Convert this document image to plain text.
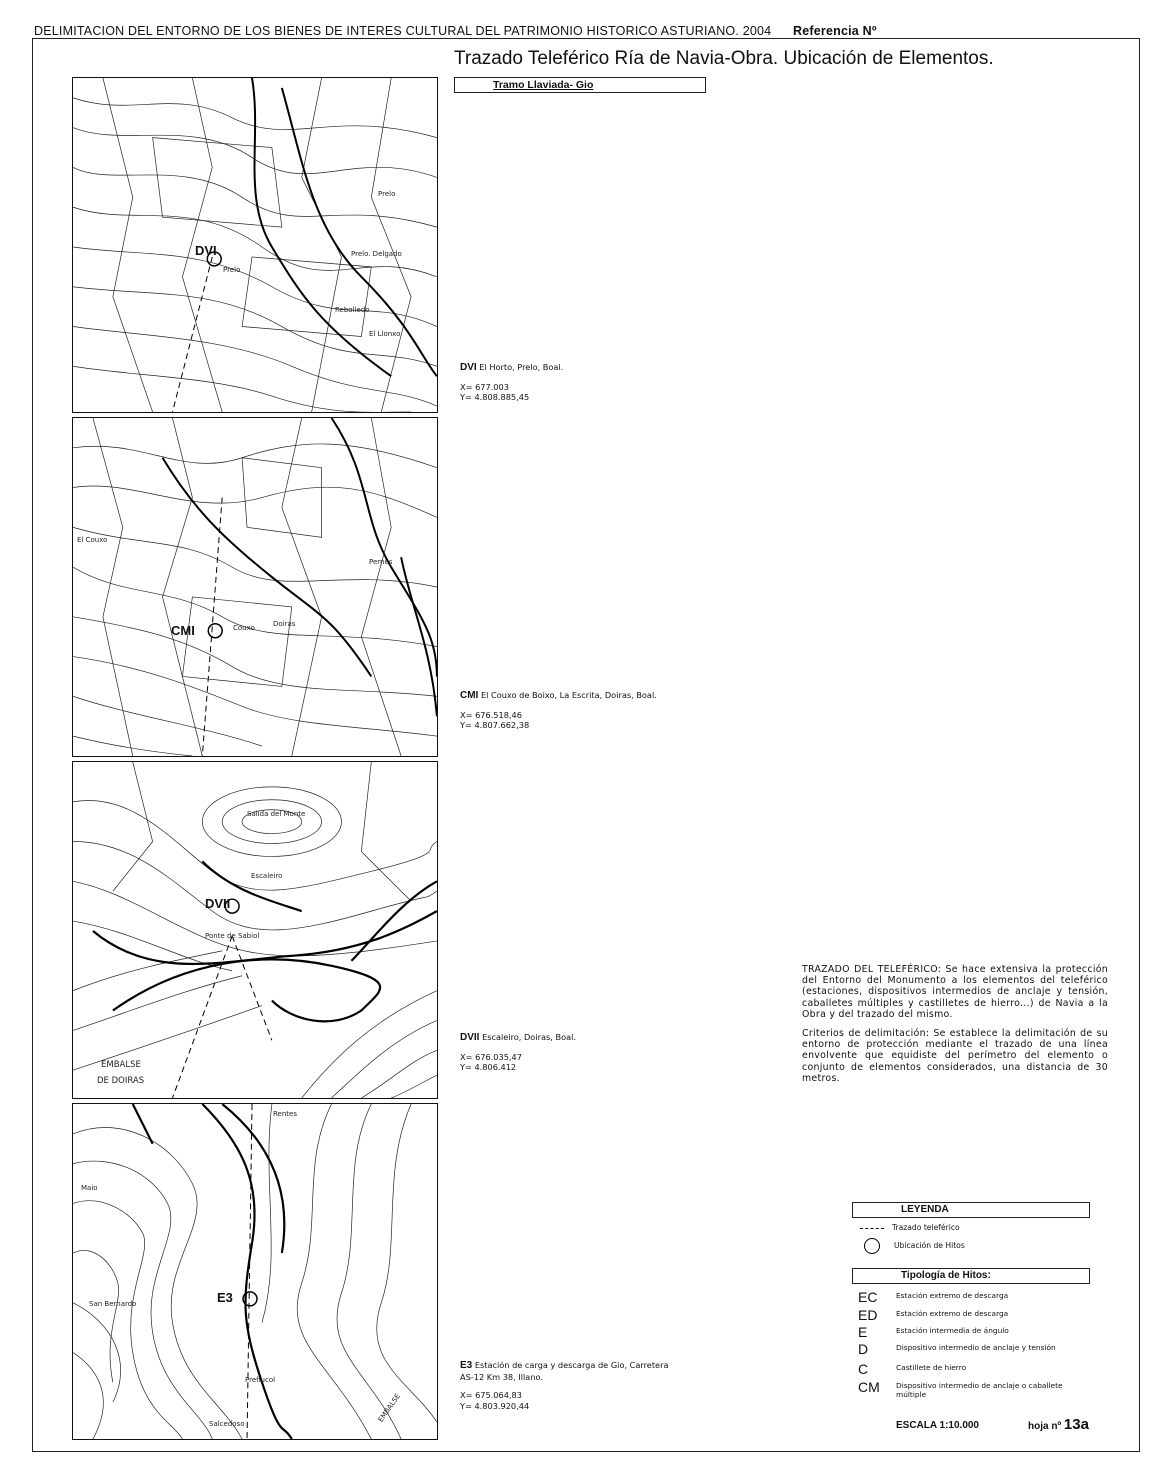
DELIMITACION DEL ENTORNO DE LOS BIENES DE INTERES CULTURAL DEL PATRIMONIO HISTORICO ASTURIANO. 2004 Referencia Nº
Trazado Teleférico Ría de Navia-Obra. Ubicación de Elementos.
Tramo Llaviada- Gio
DVI
Prelo
Prelo
Prelo. Delgado
Rebolledo
El Llonxo
CMI
El Couxo
Pernes
Couxo	Doiras
DVII
Salida del Monte
Escaleiro
Ponte de Sabiol
EMBALSE
DE DOIRAS
E3
Rentes
Maio
San Bernardo
Prefiucol
Salcedoso
EMBALSE
DVI El Horto, Prelo, Boal.
X= 677.003
Y= 4.808.885,45
CMI El Couxo de Boixo, La Escrita, Doiras, Boal.
X= 676.518,46
Y= 4.807.662,38
DVII Escaleiro, Doiras, Boal.
X= 676.035,47
Y= 4.806.412
E3 Estación de carga y descarga de Gio, Carretera AS-12 Km 38, Illano.
X= 675.064,83
Y= 4.803.920,44

TRAZADO DEL TELEFÉRICO: Se hace extensiva la protección del Entorno del Monumento a los elementos del teleférico (estaciones, dispositivos intermedios de anclaje y tensión, caballetes múltiples y castilletes de hierro...) de Navia a la Obra y del trazado del mismo.

Criterios de delimitación: Se establece la delimitación de su entorno de protección mediante el trazado de una línea envolvente que equidiste del perímetro del elemento o conjunto de elementos considerados, una distancia de 30 metros.

LEYENDA
Trazado teleférico
Ubicación de Hitos
Tipología de Hitos:
EC	Estación extremo de descarga
ED	Estación extremo de descarga
E	Estación intermedia de ángulo
D	Dispositivo intermedio de anclaje y tensión
C	Castillete de hierro
CM	Dispositivo intermedio de anclaje o caballete múltiple
ESCALA 1:10.000	hoja nº 13a
